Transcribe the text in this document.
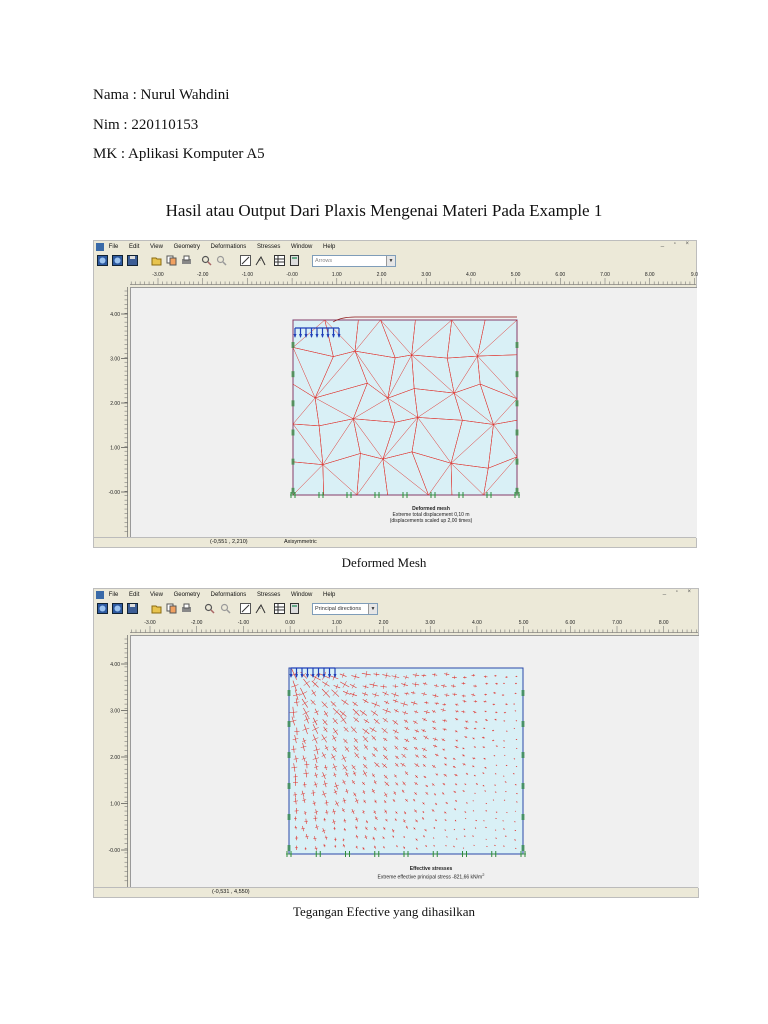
Nama : Nurul Wahdini
Nim : 220110153
MK : Aplikasi Komputer A5
Hasil atau Output Dari Plaxis Mengenai Materi Pada Example 1
File Edit View Geometry Deformations Stresses Window Help	_ ▫ ×
A	Arrows	▼
-3.00	-2.00	-1.00	-0.00	1.00	2.00	3.00	4.00	5.00	6.00	7.00	8.00	9.0
4.00
3.00
2.00
1.00
-0.00
Deformed mesh
Extreme total displacement 0,10 m
(displacements scaled up 2,00 times)
(-0,551 , 2,210)	Axisymmetric
Deformed Mesh
File Edit View Geometry Deformations Stresses Window Help	_ ▫ ×
A	Principal directions	▼
-3.00	-2.00	-1.00	0.00	1.00	2.00	3.00	4.00	5.00	6.00	7.00	8.00
4.00
3.00
2.00
1.00
-0.00
Effective stresses
Extreme effective principal stress -821,66 $kN/m^2$
(-0,531 , 4,550)
Tegangan Efective yang dihasilkan
